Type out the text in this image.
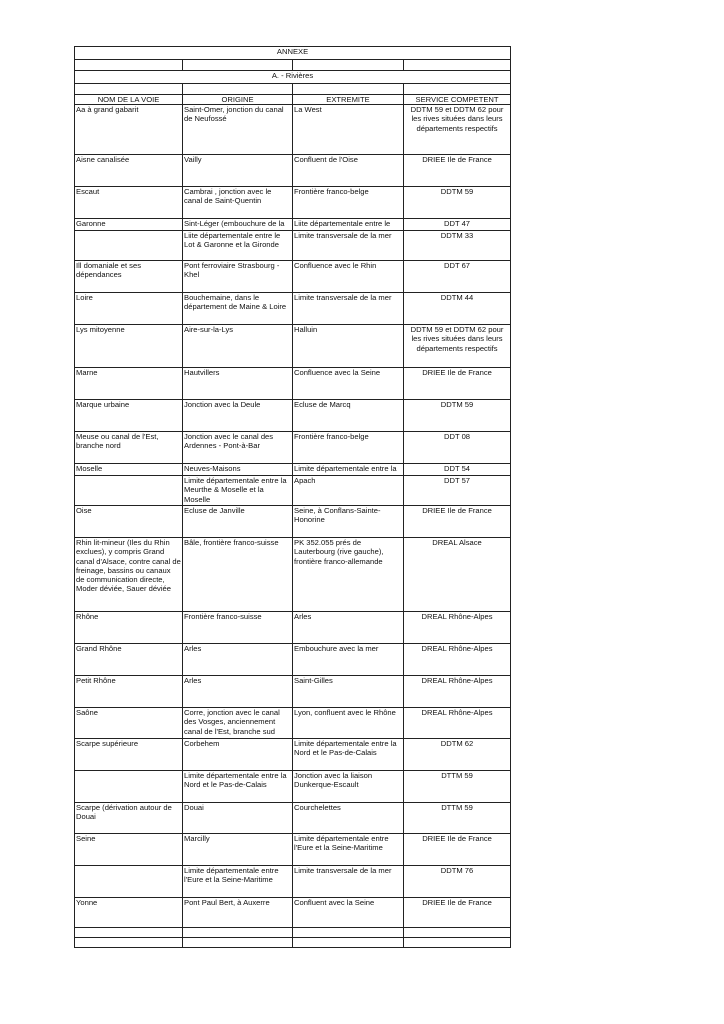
ANNEXE			

A. - Rivières			

NOM DE LA VOIE	ORIGINE	EXTREMITE	SERVICE COMPETENT
Aa à grand gabarit	Saint-Omer, jonction du canal de Neufossé	La West	DDTM 59 et DDTM 62 pour les rives situées dans leurs départements respectifs
Aisne canalisée	Vailly	Confluent de l'Oise	DRIEE Ile de France
Escaut	Cambrai , jonction avec le canal de Saint-Quentin	Frontière franco-belge	DDTM 59
Garonne	Sint-Léger (embouchure de la	Liite départementale entre le	DDT 47
	Liite départementale entre le Lot & Garonne et la Gironde	Limite transversale de la mer	DDTM 33
Ill domaniale et ses dépendances	Pont ferroviaire Strasbourg - Khel	Confluence avec le Rhin	DDT 67
Loire	Bouchemaine, dans le département de Maine & Loire	Limite transversale de la mer	DDTM 44
Lys mitoyenne	Aire-sur-la-Lys	Halluin	DDTM 59 et DDTM 62 pour les rives situées dans leurs départements respectifs
Marne	Hautvillers	Confluence avec la Seine	DRIEE Ile de France
Marque urbaine	Jonction avec la Deule	Ecluse de Marcq	DDTM 59
Meuse ou canal de l'Est, branche nord	Jonction avec le canal des Ardennes - Pont-à-Bar	Frontière franco-belge	DDT 08
Moselle	Neuves-Maisons	Limite départementale entre la	DDT 54
	Limite départementale entre la Meurthe & Moselle et la Moselle	Apach	DDT 57
Oise	Ecluse de Janville	Seine, à Conflans-Sainte-Honorine	DRIEE Ile de France
Rhin lit-mineur (Iles du Rhin exclues), y compris Grand canal d'Alsace, contre canal de freinage, bassins ou canaux de communication directe, Moder déviée, Sauer déviée	Bâle, frontière franco-suisse	PK 352.055 prés de Lauterbourg (rive gauche), frontière franco-allemande	DREAL Alsace
Rhône	Frontière franco-suisse	Arles	DREAL Rhône-Alpes
Grand Rhône	Arles	Embouchure avec la mer	DREAL Rhône-Alpes
Petit Rhône	Arles	Saint-Gilles	DREAL Rhône-Alpes
Saône	Corre, jonction avec le canal des Vosges, anciennement canal de l'Est, branche sud	Lyon, confluent avec le Rhône	DREAL Rhône-Alpes
Scarpe supérieure	Corbehem	Limite départementale entre la Nord et le Pas-de-Calais	DDTM 62
	Limite départementale entre la Nord et le Pas-de-Calais	Jonction avec la liaison Dunkerque-Escault	DTTM 59
Scarpe (dérivation autour de Douai	Douai	Courchelettes	DTTM 59
Seine	Marcilly	Limite départementale entre l'Eure et la Seine-Maritime	DRIEE Ile de France
	Limite départementale entre l'Eure et la Seine-Maritime	Limite transversale de la mer	DDTM 76
Yonne	Pont Paul Bert, à Auxerre	Confluent avec la Seine	DRIEE Ile de France
